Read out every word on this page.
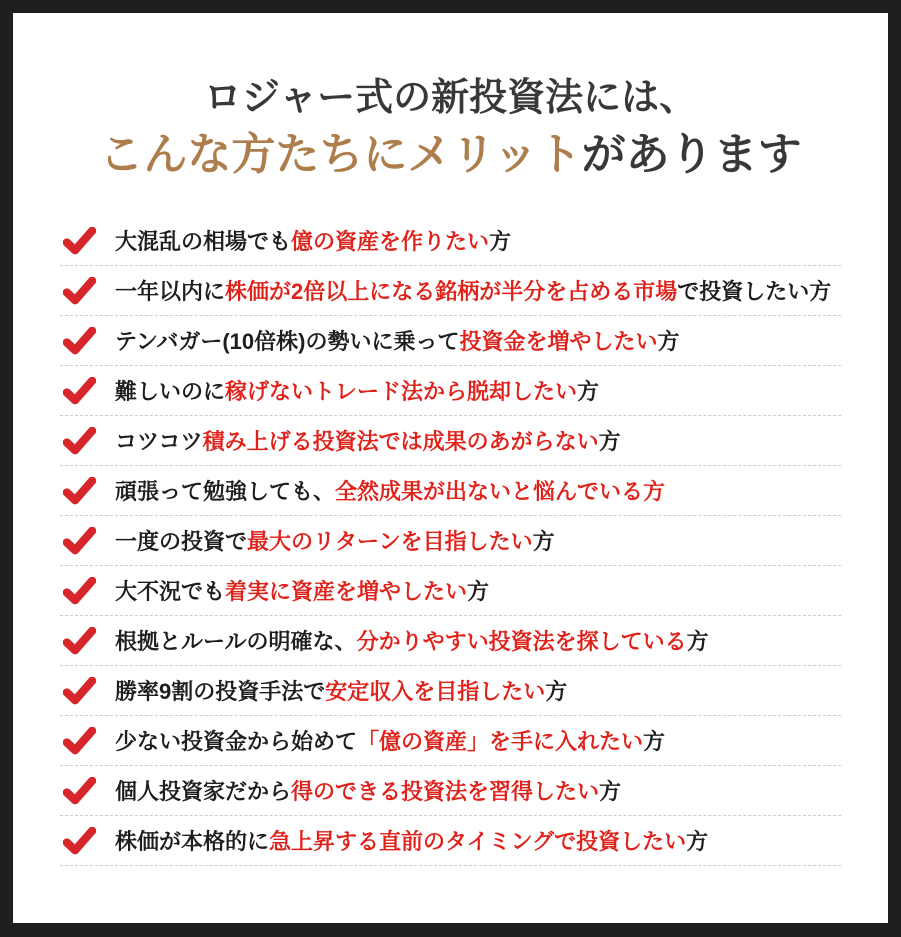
ロジャー式の新投資法には、
こんな方たちにメリットがあります
大混乱の相場でも億の資産を作りたい方
一年以内に株価が2倍以上になる銘柄が半分を占める市場で投資したい方
テンバガー(10倍株)の勢いに乗って投資金を増やしたい方
難しいのに稼げないトレード法から脱却したい方
コツコツ積み上げる投資法では成果のあがらない方
頑張って勉強しても、全然成果が出ないと悩んでいる方
一度の投資で最大のリターンを目指したい方
大不況でも着実に資産を増やしたい方
根拠とルールの明確な、分かりやすい投資法を探している方
勝率9割の投資手法で安定収入を目指したい方
少ない投資金から始めて「億の資産」を手に入れたい方
個人投資家だから得のできる投資法を習得したい方
株価が本格的に急上昇する直前のタイミングで投資したい方
